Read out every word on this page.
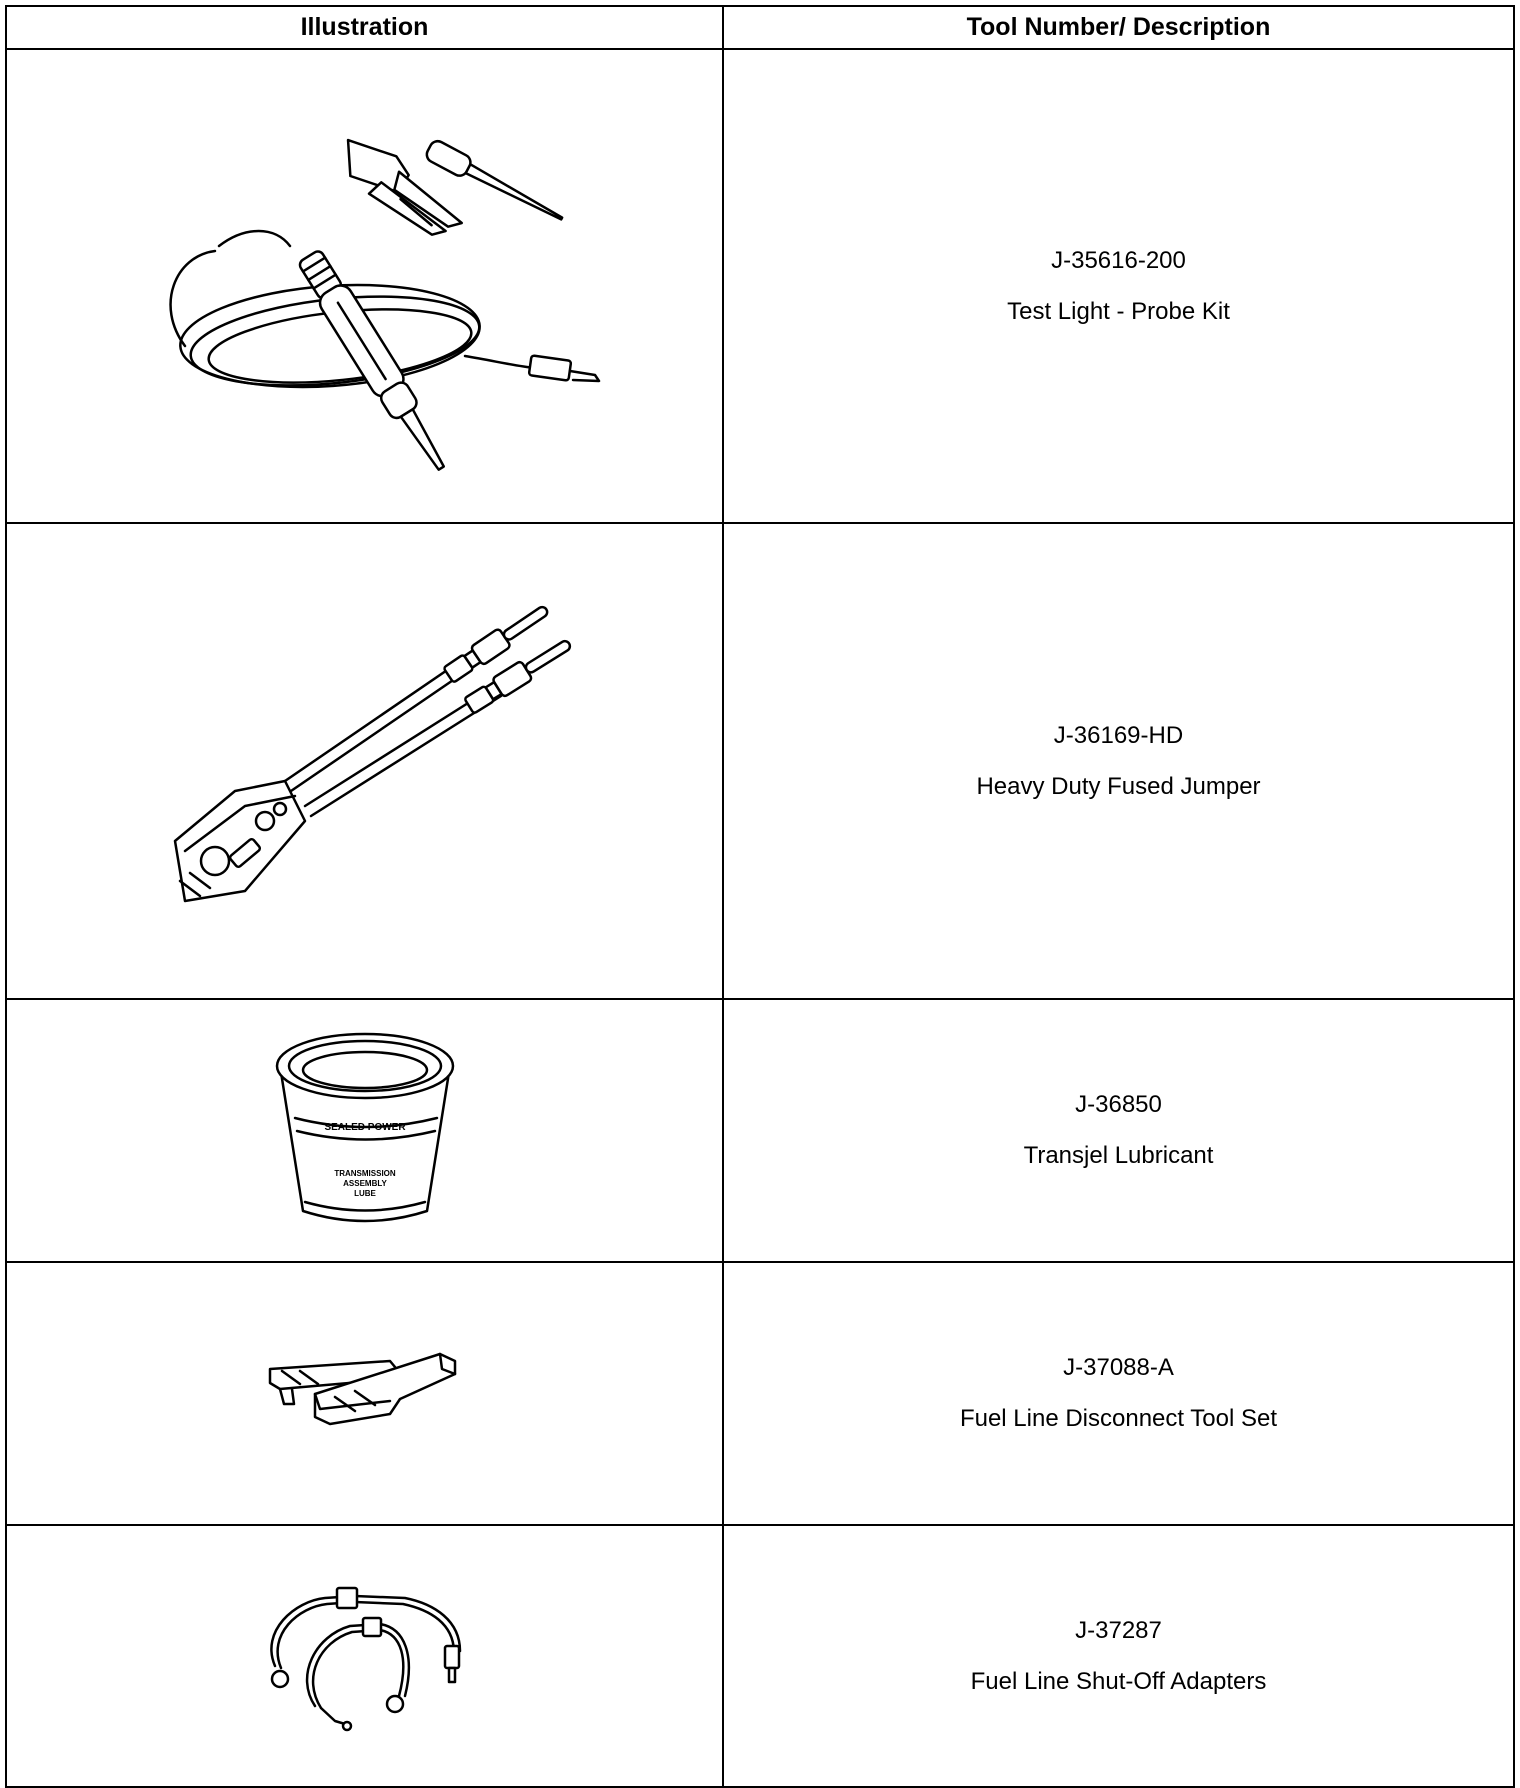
Illustration	Tool Number/ Description

J-35616-200
Test Light - Probe Kit

J-36169-HD
Heavy Duty Fused Jumper

SEALED POWER
TRANSMISSION
ASSEMBLY
LUBE	J-36850
Transjel Lubricant

J-37088-A
Fuel Line Disconnect Tool Set

J-37287
Fuel Line Shut-Off Adapters
